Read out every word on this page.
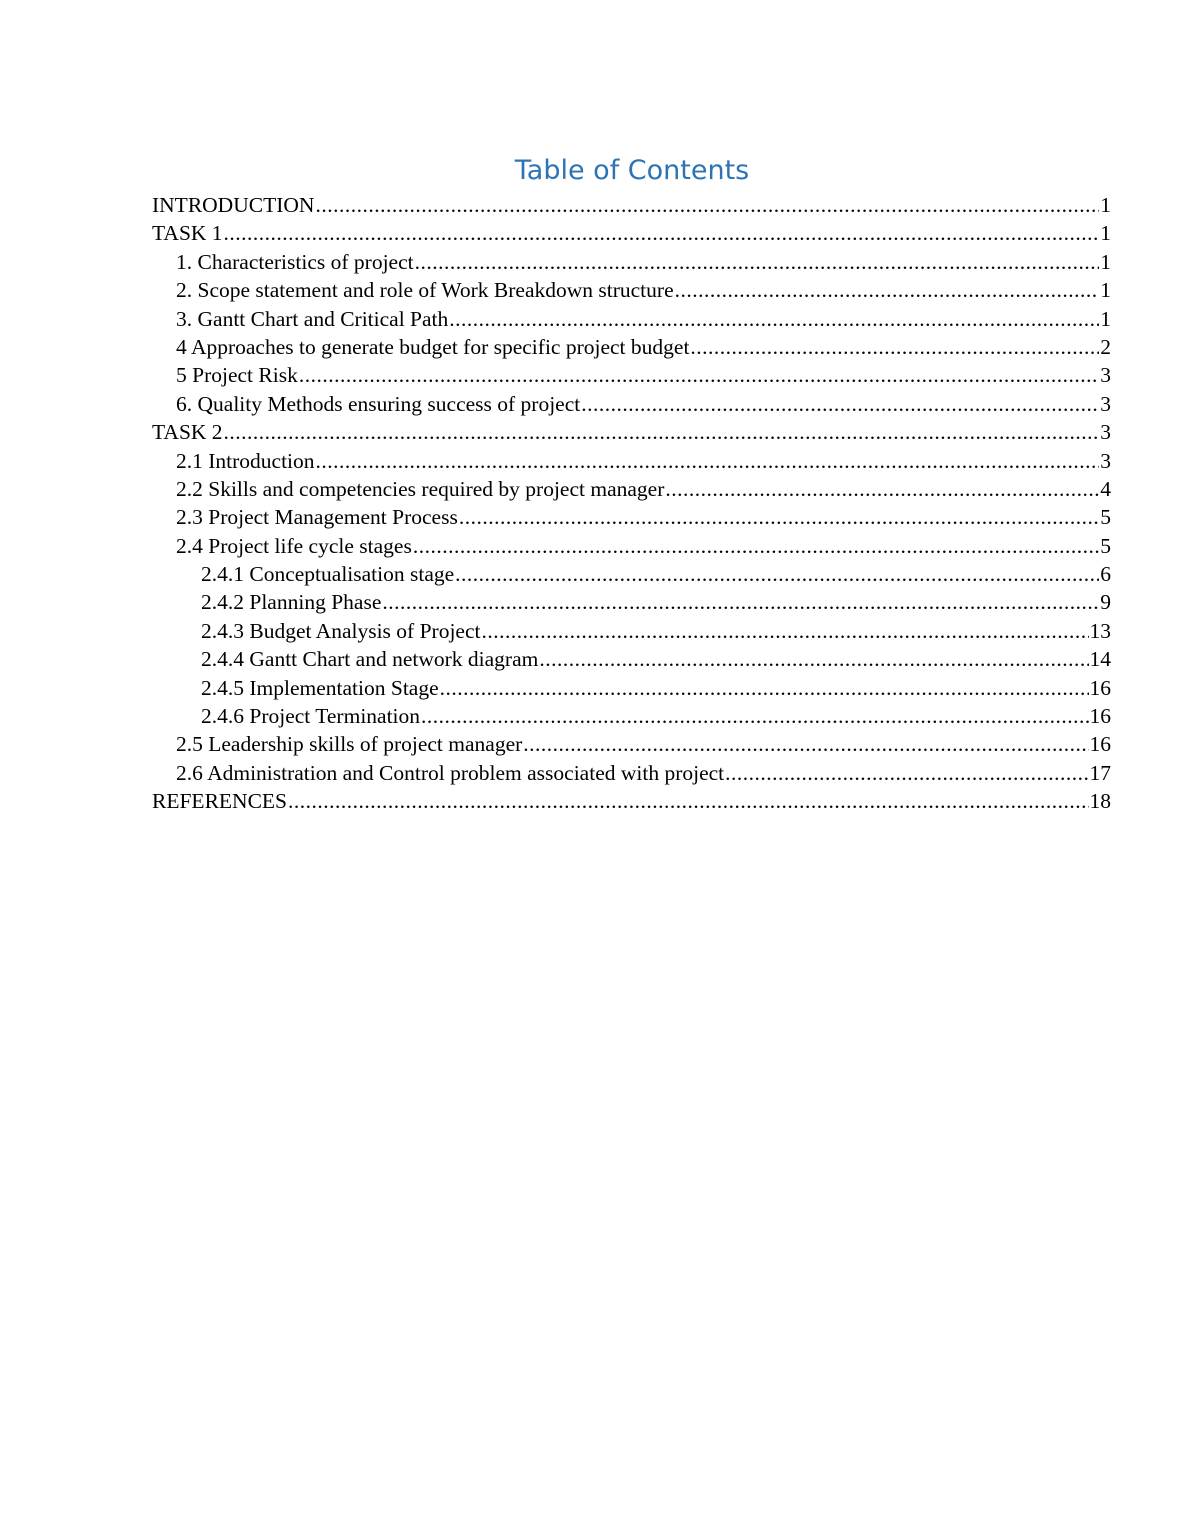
Table of Contents
INTRODUCTION .....	1
TASK 1 .....	1
1. Characteristics of project .....	1
2. Scope statement and role of Work Breakdown structure .....	1
3. Gantt Chart and Critical Path .....	1
4 Approaches to generate budget for specific project budget .....	2
5 Project Risk .....	3
6. Quality Methods ensuring success of project .....	3
TASK 2 .....	3
2.1 Introduction .....	3
2.2 Skills and competencies required by project manager .....	4
2.3 Project Management Process .....	5
2.4 Project life cycle stages .....	5
2.4.1 Conceptualisation stage .....	6
2.4.2 Planning Phase .....	9
2.4.3 Budget Analysis of Project .....	13
2.4.4 Gantt Chart and network diagram .....	14
2.4.5 Implementation Stage .....	16
2.4.6 Project Termination .....	16
2.5 Leadership skills of project manager .....	16
2.6 Administration and Control problem associated with project .....	17
REFERENCES .....	18
